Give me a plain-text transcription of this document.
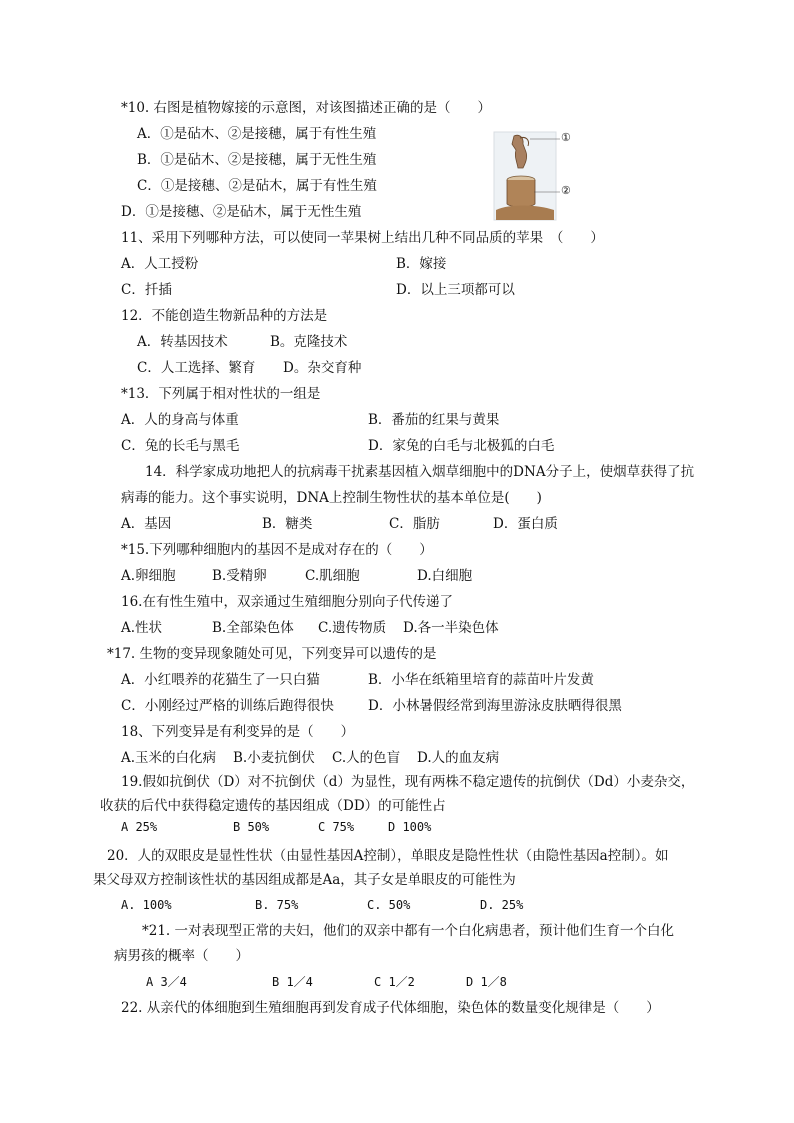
*10. 右图是植物嫁接的示意图，对该图描述正确的是（　　）
A．①是砧木、②是接穗，属于有性生殖
B．①是砧木、②是接穗，属于无性生殖
C．①是接穗、②是砧木，属于有性生殖
D．①是接穗、②是砧木，属于无性生殖
①
②
11、采用下列哪种方法，可以使同一苹果树上结出几种不同品质的苹果　（　　）
A．人工授粉	B．嫁接
C．扦插	D．以上三项都可以
12．不能创造生物新品种的方法是
A．转基因技术	B。克隆技术
C．人工选择、繁育 D。杂交育种
*13．下列属于相对性状的一组是
A．人的身高与体重	B．番茄的红果与黄果
C．兔的长毛与黑毛	D．家兔的白毛与北极狐的白毛
14．科学家成功地把人的抗病毒干扰素基因植入烟草细胞中的DNA分子上，使烟草获得了抗
病毒的能力。这个事实说明，DNA上控制生物性状的基本单位是(　　)
A．基因	B．糖类	C．脂肪	D．蛋白质
*15.下列哪种细胞内的基因不是成对存在的（　　）
A.卵细胞	B.受精卵	C.肌细胞	D.白细胞
16.在有性生殖中，双亲通过生殖细胞分别向子代传递了
A.性状	B.全部染色体 C.遗传物质 D.各一半染色体
*17. 生物的变异现象随处可见，下列变异可以遗传的是
A．小红喂养的花猫生了一只白猫	B．小华在纸箱里培育的蒜苗叶片发黄
C．小刚经过严格的训练后跑得很快	D．小林暑假经常到海里游泳皮肤晒得很黑
18、下列变异是有利变异的是（　　）
A.玉米的白化病 B.小麦抗倒伏 C.人的色盲 D.人的血友病
19.假如抗倒伏（D）对不抗倒伏（d）为显性，现有两株不稳定遗传的抗倒伏（Dd）小麦杂交，
收获的后代中获得稳定遗传的基因组成（DD）的可能性占
A 25%	B 50%	C 75%	D 100%
20．人的双眼皮是显性性状（由显性基因A控制），单眼皮是隐性性状（由隐性基因a控制）。如
果父母双方控制该性状的基因组成都是Aa，其子女是单眼皮的可能性为
A. 100%	B. 75%	C. 50%	D. 25%
*21. 一对表现型正常的夫妇，他们的双亲中都有一个白化病患者，预计他们生育一个白化
病男孩的概率（　　）
A 3／4	B 1／4	C 1／2	D 1／8
22. 从亲代的体细胞到生殖细胞再到发育成子代体细胞，染色体的数量变化规律是（　　）
